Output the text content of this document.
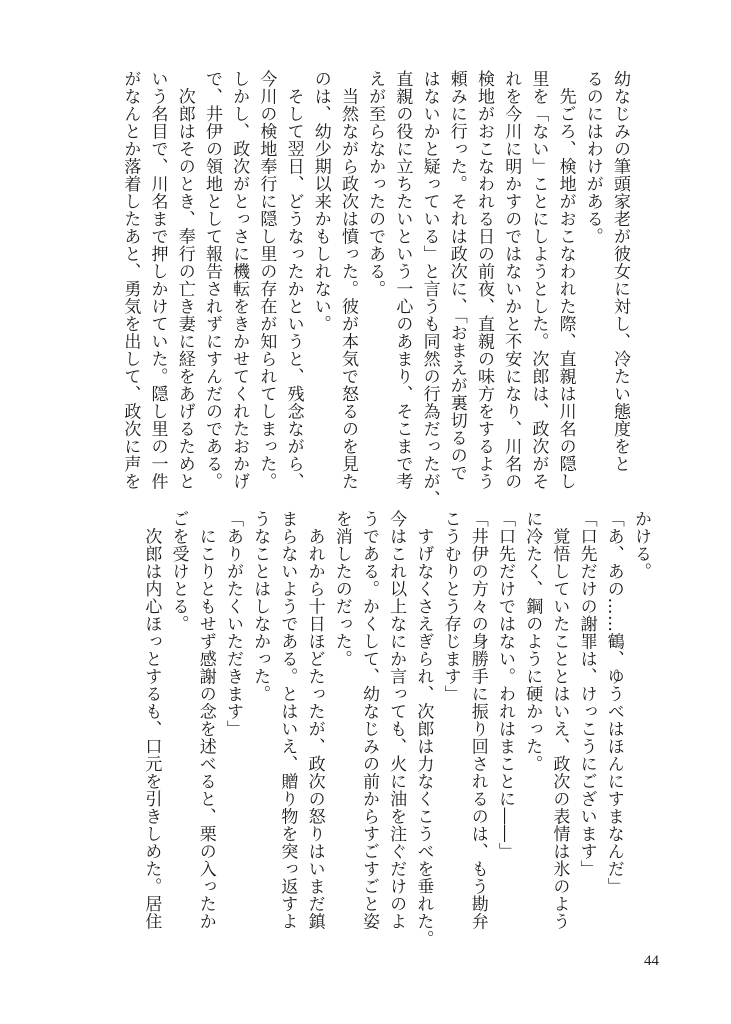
幼なじみの筆頭家老が彼女に対し、冷たい態度をと
るのにはわけがある。
　先ごろ、検地がおこなわれた際、直親は川名の隠し
里を「ない」ことにしようとした。次郎は、政次がそ
れを今川に明かすのではないかと不安になり、川名の
検地がおこなわれる日の前夜、直親の味方をするよう
頼みに行った。それは政次に、「おまえが裏切るので
はないかと疑っている」と言うも同然の行為だったが、
直親の役に立ちたいという一心のあまり、そこまで考
えが至らなかったのである。
　当然ながら政次は憤った。彼が本気で怒るのを見た
のは、幼少期以来かもしれない。
　そして翌日、どうなったかというと、残念ながら、
今川の検地奉行に隠し里の存在が知られてしまった。
しかし、政次がとっさに機転をきかせてくれたおかげ
で、井伊の領地として報告されずにすんだのである。
　次郎はそのとき、奉行の亡き妻に経をあげるためと
いう名目で、川名まで押しかけていた。隠し里の一件
がなんとか落着したあと、勇気を出して、政次に声を
かける。
「あ、あの……鶴、ゆうべはほんにすまなんだ」
「口先だけの謝罪は、けっこうにございます」
　覚悟していたこととはいえ、政次の表情は氷のよう
に冷たく、鋼のように硬かった。
「口先だけではない。われはまことに――」
「井伊の方々の身勝手に振り回されるのは、もう勘弁
こうむりとう存じます」
　すげなくさえぎられ、次郎は力なくこうべを垂れた。
今はこれ以上なにか言っても、火に油を注ぐだけのよ
うである。かくして、幼なじみの前からすごすごと姿
を消したのだった。
　あれから十日ほどたったが、政次の怒りはいまだ鎮
まらないようである。とはいえ、贈り物を突っ返すよ
うなことはしなかった。
「ありがたくいただきます」
　にこりともせず感謝の念を述べると、栗の入ったか
ごを受けとる。
　次郎は内心ほっとするも、口元を引きしめた。居住
44
